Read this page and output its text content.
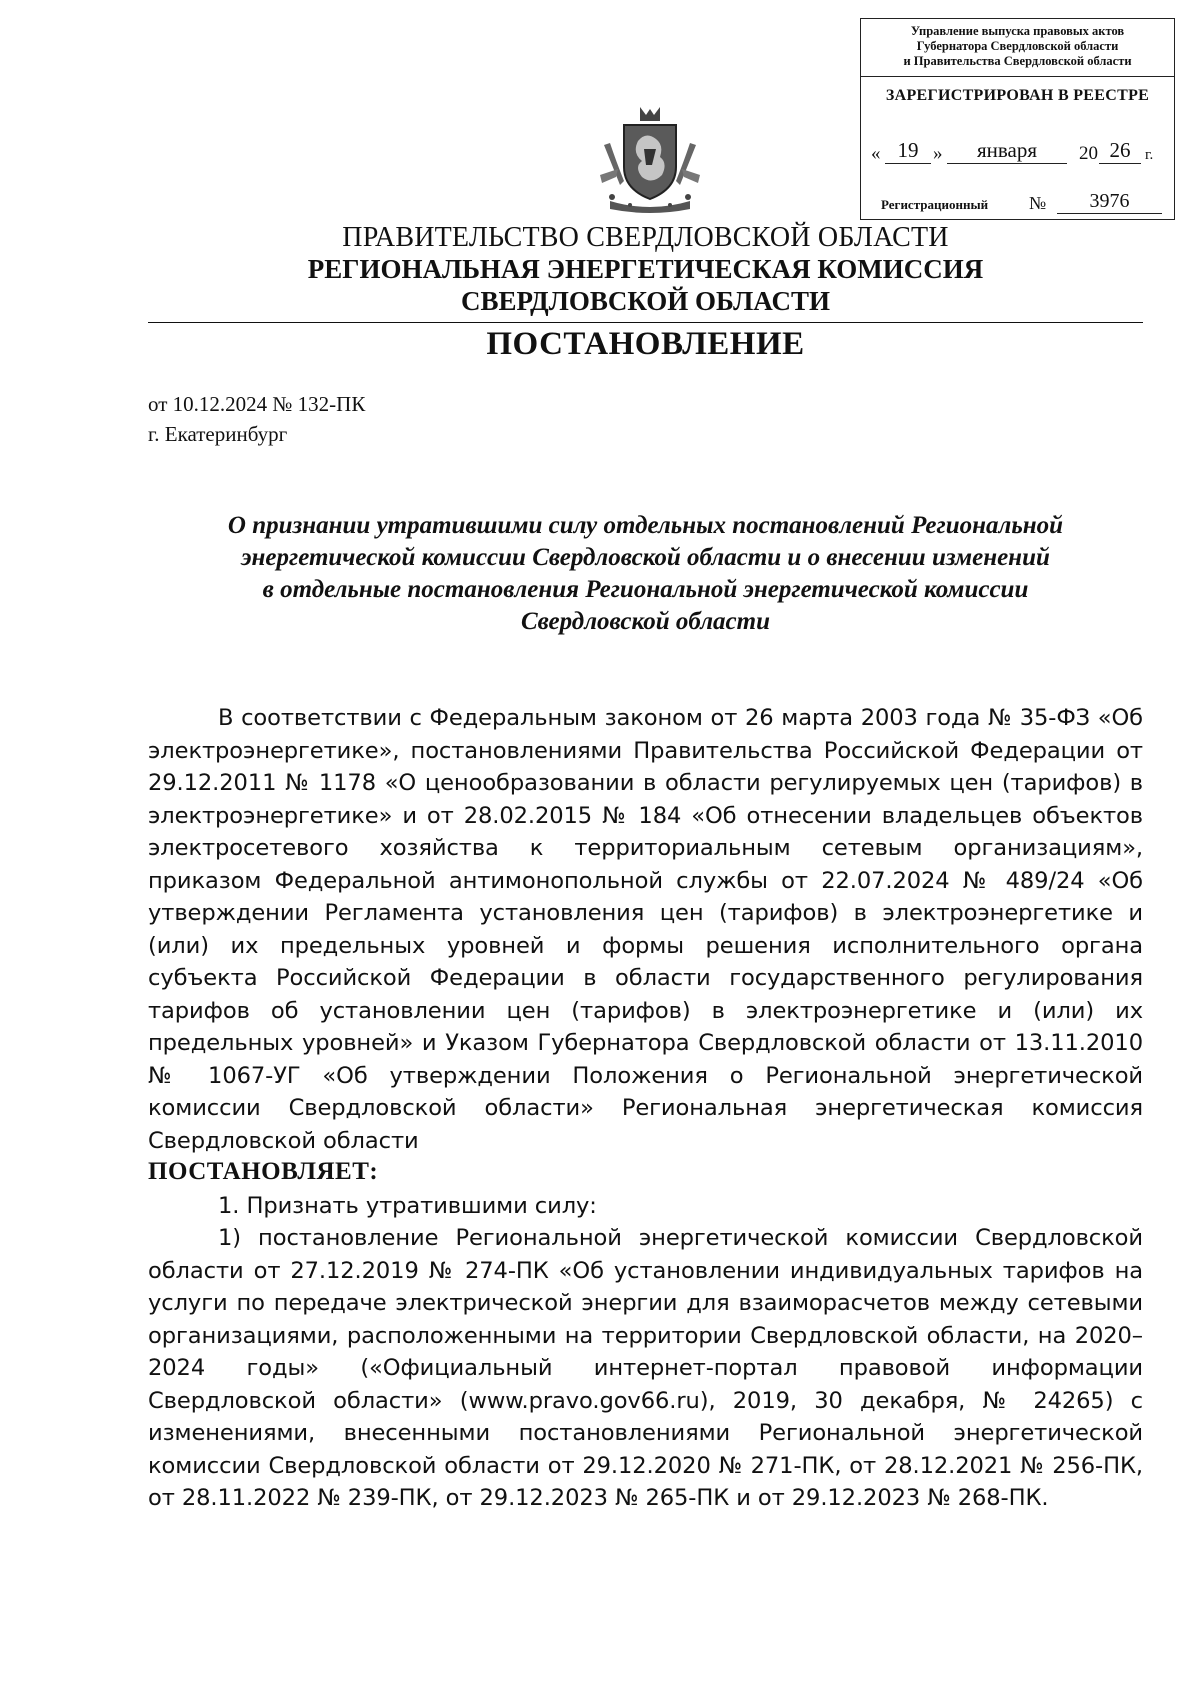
Управление выпуска правовых актов
Губернатора Свердловской области
и Правительства Свердловской области
ЗАРЕГИСТРИРОВАН В РЕЕСТРЕ
« 19 »	января	20 26 г.
Регистрационный №	3976
ПРАВИТЕЛЬСТВО СВЕРДЛОВСКОЙ ОБЛАСТИ
РЕГИОНАЛЬНАЯ ЭНЕРГЕТИЧЕСКАЯ КОМИССИЯ
СВЕРДЛОВСКОЙ ОБЛАСТИ
ПОСТАНОВЛЕНИЕ
от 10.12.2024 № 132-ПК
г. Екатеринбург
О признании утратившими силу отдельных постановлений Региональной
энергетической комиссии Свердловской области и о внесении изменений
в отдельные постановления Региональной энергетической комиссии
Свердловской области

В соответствии с Федеральным законом от 26 марта 2003 года № 35-ФЗ «Об электроэнергетике», постановлениями Правительства Российской Федерации от 29.12.2011 № 1178 «О ценообразовании в области регулируемых цен (тарифов) в электроэнергетике» и от 28.02.2015 № 184 «Об отнесении владельцев объектов электросетевого хозяйства к территориальным сетевым организациям», приказом Федеральной антимонопольной службы от 22.07.2024 № 489/24 «Об утверждении Регламента установления цен (тарифов) в электроэнергетике и (или) их предельных уровней и формы решения исполнительного органа субъекта Российской Федерации в области государственного регулирования тарифов об установлении цен (тарифов) в электроэнергетике и (или) их предельных уровней» и Указом Губернатора Свердловской области от 13.11.2010 № 1067-УГ «Об утверждении Положения о Региональной энергетической комиссии Свердловской области» Региональная энергетическая комиссия Свердловской области

ПОСТАНОВЛЯЕТ:

1. Признать утратившими силу:

1) постановление Региональной энергетической комиссии Свердловской области от 27.12.2019 № 274-ПК «Об установлении индивидуальных тарифов на услуги по передаче электрической энергии для взаиморасчетов между сетевыми организациями, расположенными на территории Свердловской области, на 2020–2024 годы» («Официальный интернет-портал правовой информации Свердловской области» (www.pravo.gov66.ru), 2019, 30 декабря, № 24265) с изменениями, внесенными постановлениями Региональной энергетической комиссии Свердловской области от 29.12.2020 № 271-ПК, от 28.12.2021 № 256-ПК, от 28.11.2022 № 239-ПК, от 29.12.2023 № 265-ПК и от 29.12.2023 № 268-ПК.
